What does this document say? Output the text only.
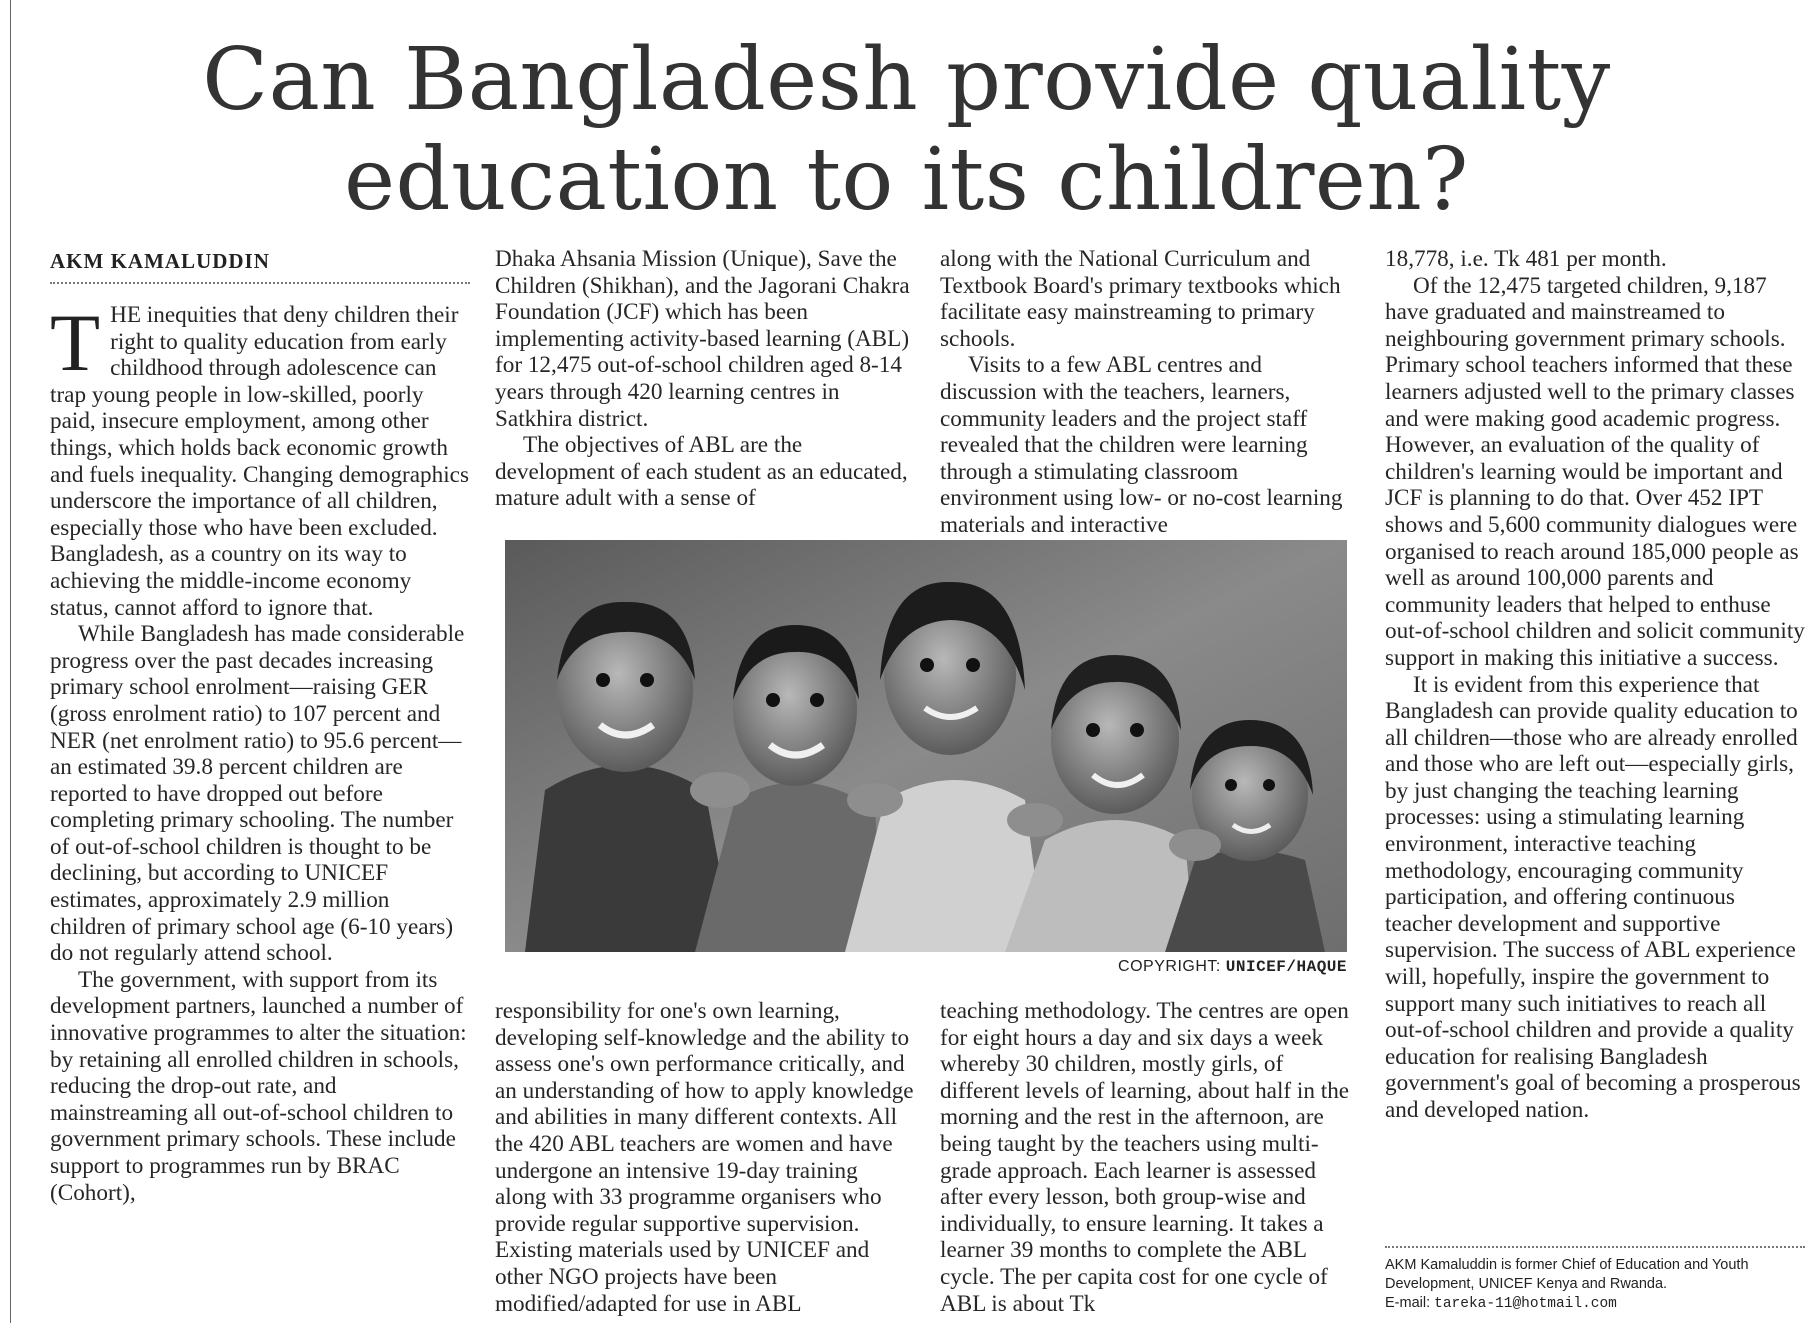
Can Bangladesh provide quality
education to its children?
AKM KAMALUDDIN

THE inequities that deny children their right to quality education from early childhood through adolescence can trap young people in low-skilled, poorly paid, insecure employment, among other things, which holds back economic growth and fuels inequality. Changing demographics underscore the importance of all children, especially those who have been excluded. Bangladesh, as a country on its way to achieving the middle-income economy status, cannot afford to ignore that.

While Bangladesh has made considerable progress over the past decades increasing primary school enrolment—raising GER (gross enrolment ratio) to 107 percent and NER (net enrolment ratio) to 95.6 percent—an estimated 39.8 percent children are reported to have dropped out before completing primary schooling. The number of out-of-school children is thought to be declining, but according to UNICEF estimates, approximately 2.9 million children of primary school age (6-10 years) do not regularly attend school.

The government, with support from its development partners, launched a number of innovative programmes to alter the situation: by retaining all enrolled children in schools, reducing the drop-out rate, and mainstreaming all out-of-school children to government primary schools. These include support to programmes run by BRAC (Cohort),

Dhaka Ahsania Mission (Unique), Save the Children (Shikhan), and the Jagorani Chakra Foundation (JCF) which has been implementing activity-based learning (ABL) for 12,475 out-of-school children aged 8-14 years through 420 learning centres in Satkhira district.

The objectives of ABL are the development of each student as an educated, mature adult with a sense of

along with the National Curriculum and Textbook Board's primary textbooks which facilitate easy mainstreaming to primary schools.

Visits to a few ABL centres and discussion with the teachers, learners, community leaders and the project staff revealed that the children were learning through a stimulating classroom environment using low- or no-cost learning materials and interactive

COPYRIGHT: UNICEF/HAQUE

responsibility for one's own learning, developing self-knowledge and the ability to assess one's own performance critically, and an understanding of how to apply knowledge and abilities in many different contexts. All the 420 ABL teachers are women and have undergone an intensive 19-day training along with 33 programme organisers who provide regular supportive supervision. Existing materials used by UNICEF and other NGO projects have been modified/adapted for use in ABL

teaching methodology. The centres are open for eight hours a day and six days a week whereby 30 children, mostly girls, of different levels of learning, about half in the morning and the rest in the afternoon, are being taught by the teachers using multi-grade approach. Each learner is assessed after every lesson, both group-wise and individually, to ensure learning. It takes a learner 39 months to complete the ABL cycle. The per capita cost for one cycle of ABL is about Tk

18,778, i.e. Tk 481 per month.

Of the 12,475 targeted children, 9,187 have graduated and mainstreamed to neighbouring government primary schools. Primary school teachers informed that these learners adjusted well to the primary classes and were making good academic progress. However, an evaluation of the quality of children's learning would be important and JCF is planning to do that. Over 452 IPT shows and 5,600 community dialogues were organised to reach around 185,000 people as well as around 100,000 parents and community leaders that helped to enthuse out-of-school children and solicit community support in making this initiative a success.

It is evident from this experience that Bangladesh can provide quality education to all children—those who are already enrolled and those who are left out—especially girls, by just changing the teaching learning processes: using a stimulating learning environment, interactive teaching methodology, encouraging community participation, and offering continuous teacher development and supportive supervision. The success of ABL experience will, hopefully, inspire the government to support many such initiatives to reach all out-of-school children and provide a quality education for realising Bangladesh government's goal of becoming a prosperous and developed nation.

AKM Kamaluddin is former Chief of Education and Youth Development, UNICEF Kenya and Rwanda.

E-mail: tareka-11@hotmail.com
